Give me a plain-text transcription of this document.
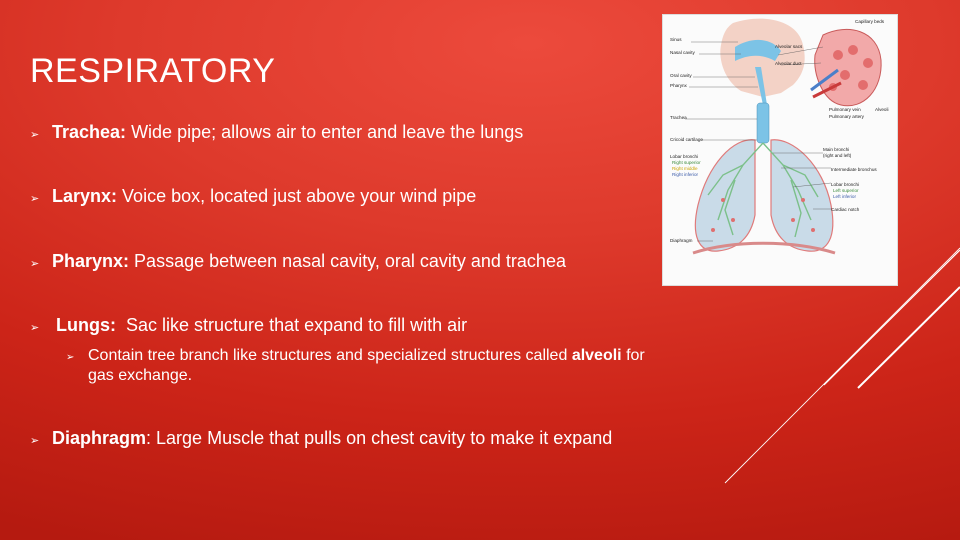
RESPIRATORY
➢ Trachea: Wide pipe; allows air to enter and leave the lungs
➢ Larynx: Voice box, located just above your wind pipe
➢ Pharynx: Passage between nasal cavity, oral cavity and trachea
➢ Lungs: Sac like structure that expand to fill with air
➢ Contain tree branch like structures and specialized structures called alveoli for gas exchange.
➢ Diaphragm: Large Muscle that pulls on chest cavity to make it expand
Sinus
Nasal cavity
Oral cavity
Pharynx
Trachea
Cricoid cartilage
Lobar bronchi
Right superior
Right middle
Right inferior
Diaphragm
Capillary beds
Alveolar sacs
Alveolar duct
Pulmonary vein
Pulmonary artery
Alveoli
Main bronchi
(right and left)
Intermediate bronchus
Lobar bronchi
Left superior
Left inferior
Cardiac notch
